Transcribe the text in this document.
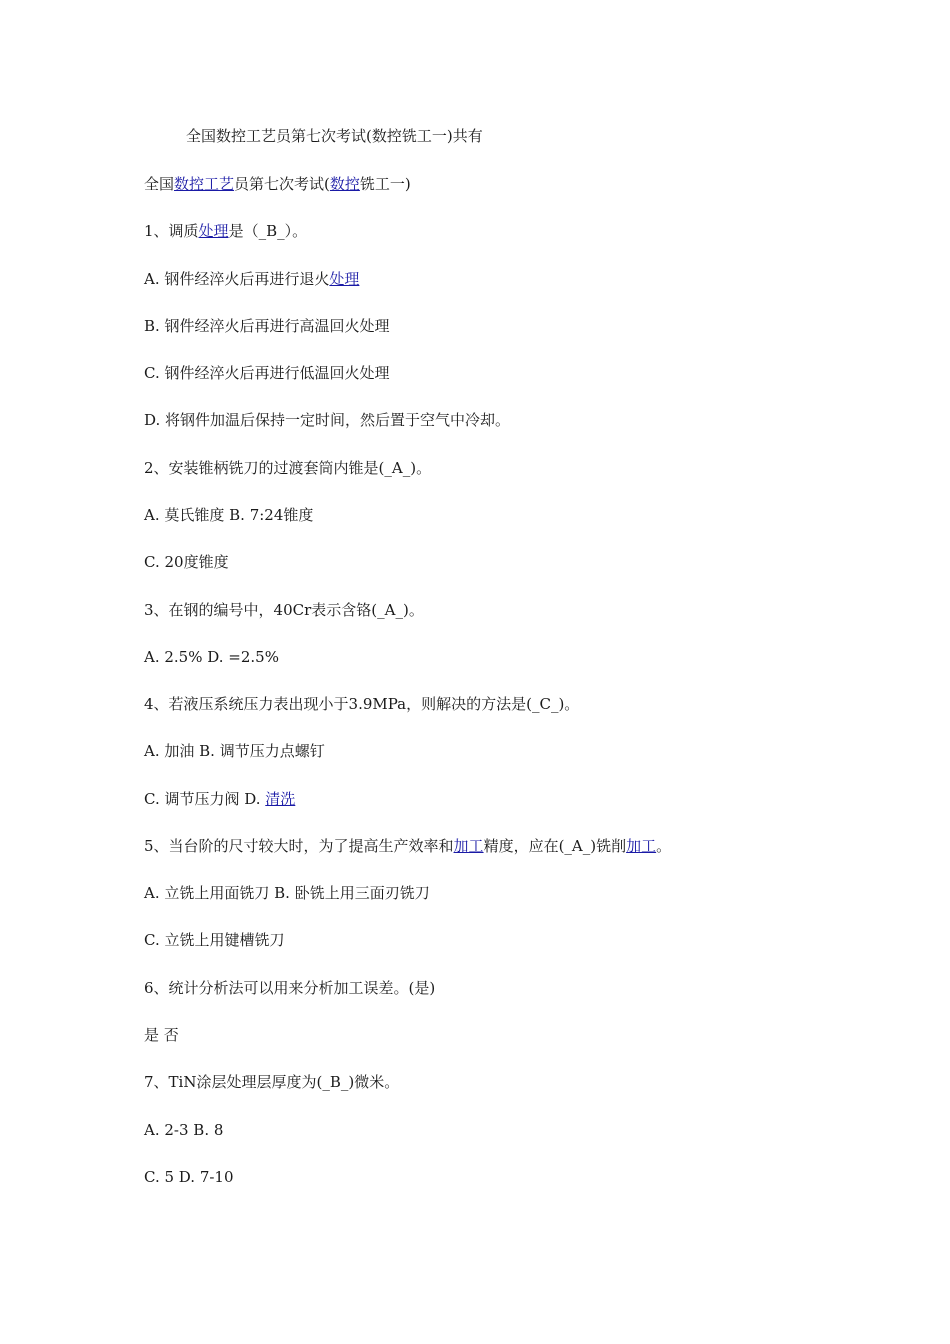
全国数控工艺员第七次考试(数控铣工一)共有
全国数控工艺员第七次考试(数控铣工一)
1、调质处理是（_B_）。
A. 钢件经淬火后再进行退火处理
B. 钢件经淬火后再进行高温回火处理
C. 钢件经淬火后再进行低温回火处理
D. 将钢件加温后保持一定时间，然后置于空气中冷却。
2、安装锥柄铣刀的过渡套筒内锥是(_A_)。
A. 莫氏锥度 B. 7:24锥度
C. 20度锥度
3、在钢的编号中，40Cr表示含铬(_A_)。
A. 2.5% D. =2.5%
4、若液压系统压力表出现小于3.9MPa，则解决的方法是(_C_)。
A. 加油 B. 调节压力点螺钉
C. 调节压力阀 D. 清洗
5、当台阶的尺寸较大时，为了提高生产效率和加工精度，应在(_A_)铣削加工。
A. 立铣上用面铣刀 B. 卧铣上用三面刃铣刀
C. 立铣上用键槽铣刀
6、统计分析法可以用来分析加工误差。(是)
是 否
7、TiN涂层处理层厚度为(_B_)微米。
A. 2-3 B. 8
C. 5 D. 7-10
